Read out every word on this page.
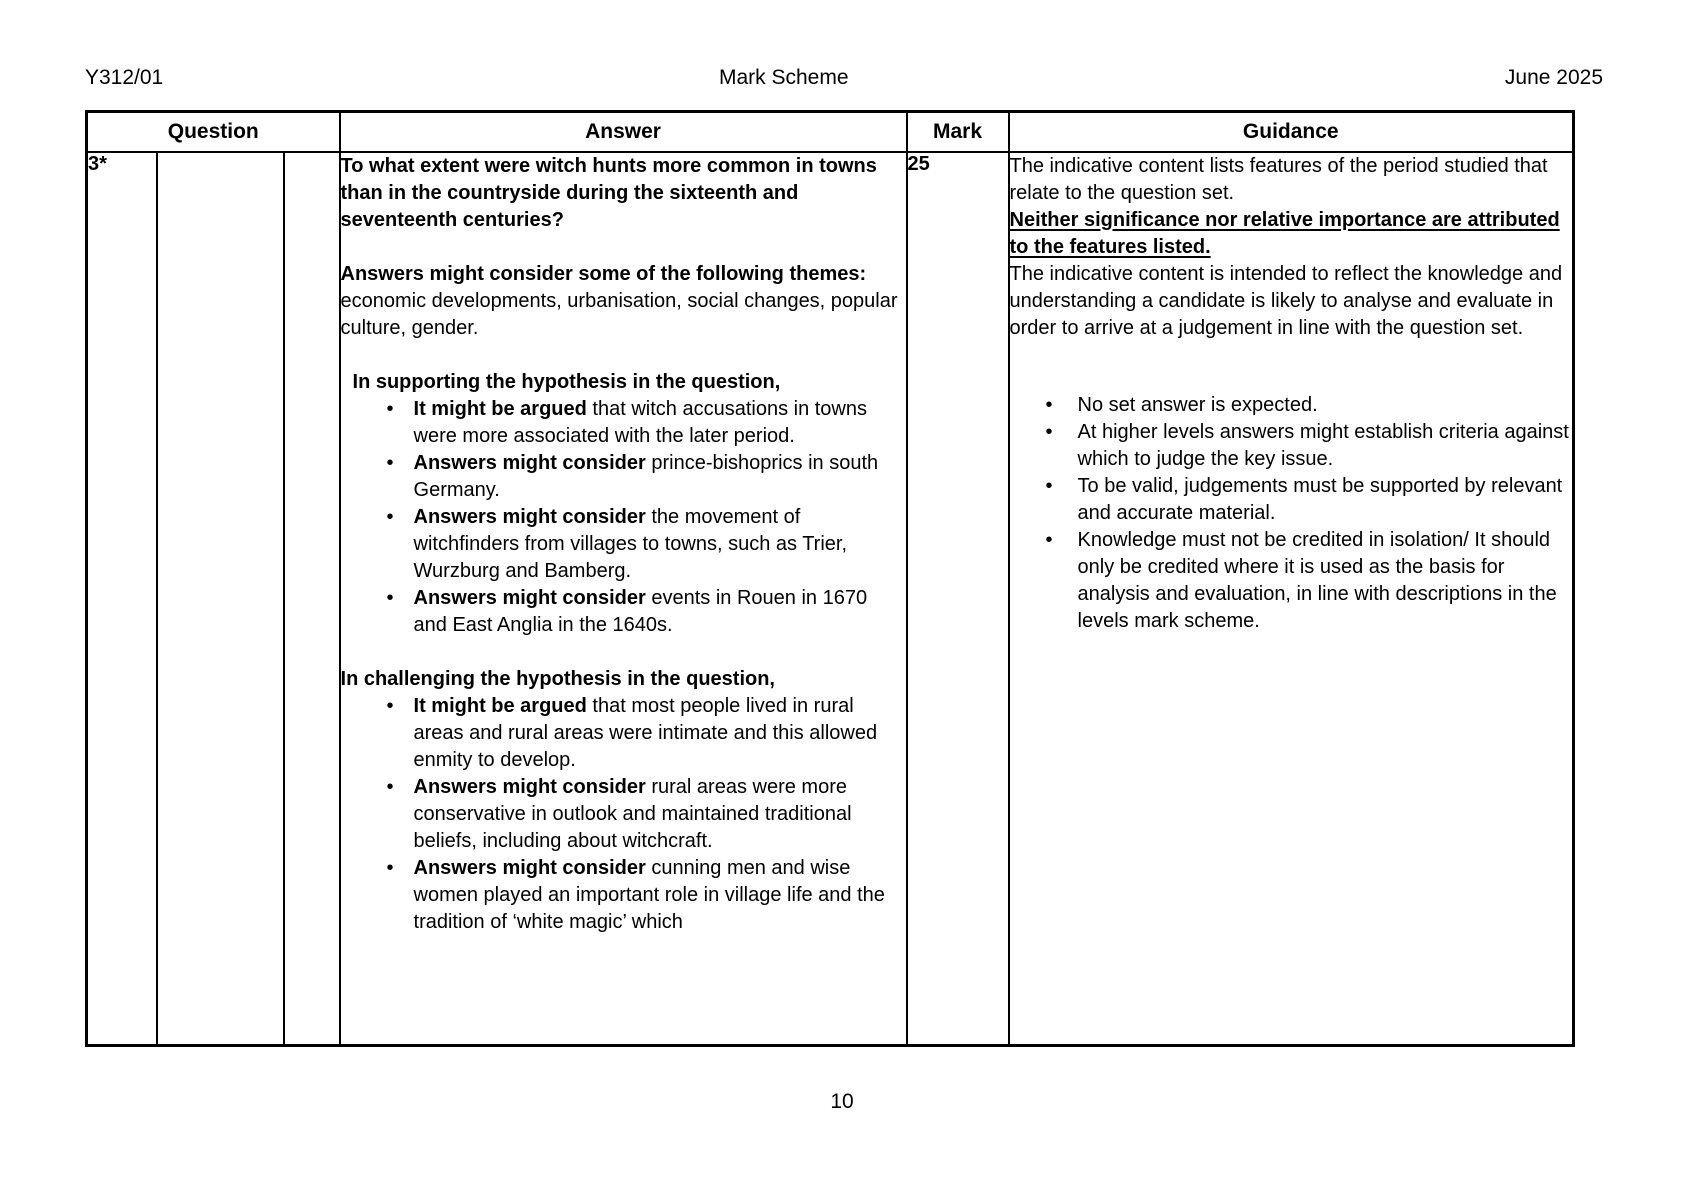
Y312/01	Mark Scheme	June 2025
Question			Answer	Mark	Guidance
3*			To what extent were witch hunts more common in towns than in the countryside during the sixteenth and seventeenth centuries?

Answers might consider some of the following themes: economic developments, urbanisation, social changes, popular culture, gender.

In supporting the hypothesis in the question,

• It might be argued that witch accusations in towns were more associated with the later period.
• Answers might consider prince-bishoprics in south Germany.
• Answers might consider the movement of witchfinders from villages to towns, such as Trier, Wurzburg and Bamberg.
• Answers might consider events in Rouen in 1670 and East Anglia in the 1640s.

In challenging the hypothesis in the question,

• It might be argued that most people lived in rural areas and rural areas were intimate and this allowed enmity to develop.
• Answers might consider rural areas were more conservative in outlook and maintained traditional beliefs, including about witchcraft.
• Answers might consider cunning men and wise women played an important role in village life and the tradition of ‘white magic’ which
	25	The indicative content lists features of the period studied that relate to the question set.

Neither significance nor relative importance are attributed to the features listed.

The indicative content is intended to reflect the knowledge and understanding a candidate is likely to analyse and evaluate in order to arrive at a judgement in line with the question set.

•	No set answer is expected.
•	At higher levels answers might establish criteria against which to judge the key issue.
•	To be valid, judgements must be supported by relevant and accurate material.
•	Knowledge must not be credited in isolation/ It should only be credited where it is used as the basis for analysis and evaluation, in line with descriptions in the levels mark scheme.
10
